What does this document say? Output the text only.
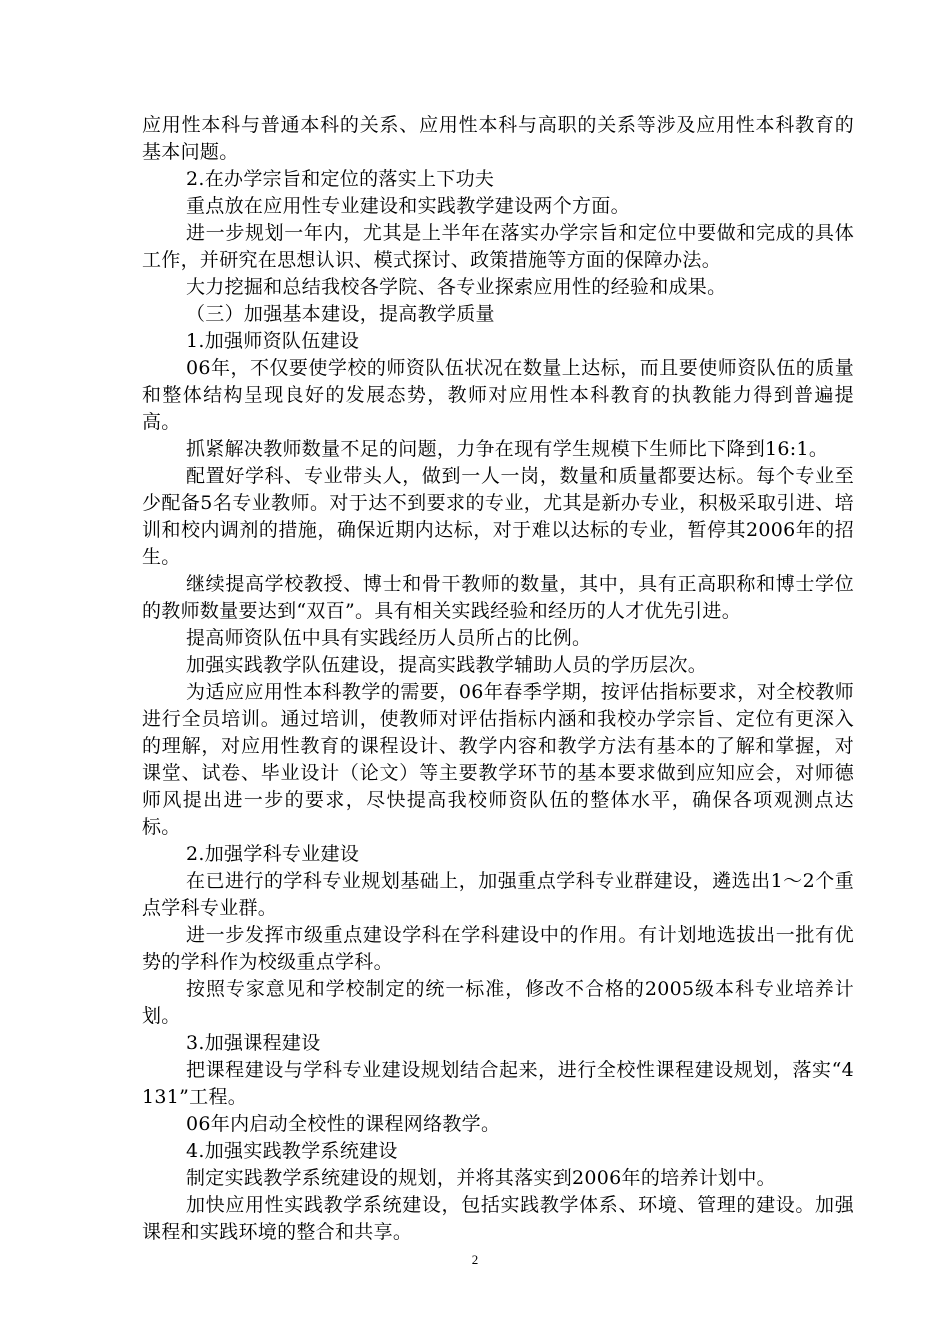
应用性本科与普通本科的关系、应用性本科与高职的关系等涉及应用性本科教育的基本问题。

2.在办学宗旨和定位的落实上下功夫

重点放在应用性专业建设和实践教学建设两个方面。

进一步规划一年内，尤其是上半年在落实办学宗旨和定位中要做和完成的具体工作，并研究在思想认识、模式探讨、政策措施等方面的保障办法。

大力挖掘和总结我校各学院、各专业探索应用性的经验和成果。

（三）加强基本建设，提高教学质量

1.加强师资队伍建设

06年，不仅要使学校的师资队伍状况在数量上达标，而且要使师资队伍的质量和整体结构呈现良好的发展态势，教师对应用性本科教育的执教能力得到普遍提高。

抓紧解决教师数量不足的问题，力争在现有学生规模下生师比下降到16:1。

配置好学科、专业带头人，做到一人一岗，数量和质量都要达标。每个专业至少配备5名专业教师。对于达不到要求的专业，尤其是新办专业，积极采取引进、培训和校内调剂的措施，确保近期内达标，对于难以达标的专业，暂停其2006年的招生。

继续提高学校教授、博士和骨干教师的数量，其中，具有正高职称和博士学位的教师数量要达到“双百”。具有相关实践经验和经历的人才优先引进。

提高师资队伍中具有实践经历人员所占的比例。

加强实践教学队伍建设，提高实践教学辅助人员的学历层次。

为适应应用性本科教学的需要，06年春季学期，按评估指标要求，对全校教师进行全员培训。通过培训，使教师对评估指标内涵和我校办学宗旨、定位有更深入的理解，对应用性教育的课程设计、教学内容和教学方法有基本的了解和掌握，对课堂、试卷、毕业设计（论文）等主要教学环节的基本要求做到应知应会，对师德师风提出进一步的要求，尽快提高我校师资队伍的整体水平，确保各项观测点达标。

2.加强学科专业建设

在已进行的学科专业规划基础上，加强重点学科专业群建设，遴选出1～2个重点学科专业群。

进一步发挥市级重点建设学科在学科建设中的作用。有计划地选拔出一批有优势的学科作为校级重点学科。

按照专家意见和学校制定的统一标准，修改不合格的2005级本科专业培养计划。

3.加强课程建设

把课程建设与学科专业建设规划结合起来，进行全校性课程建设规划，落实“4131”工程。

06年内启动全校性的课程网络教学。

4.加强实践教学系统建设

制定实践教学系统建设的规划，并将其落实到2006年的培养计划中。

加快应用性实践教学系统建设，包括实践教学体系、环境、管理的建设。加强课程和实践环境的整合和共享。

2
